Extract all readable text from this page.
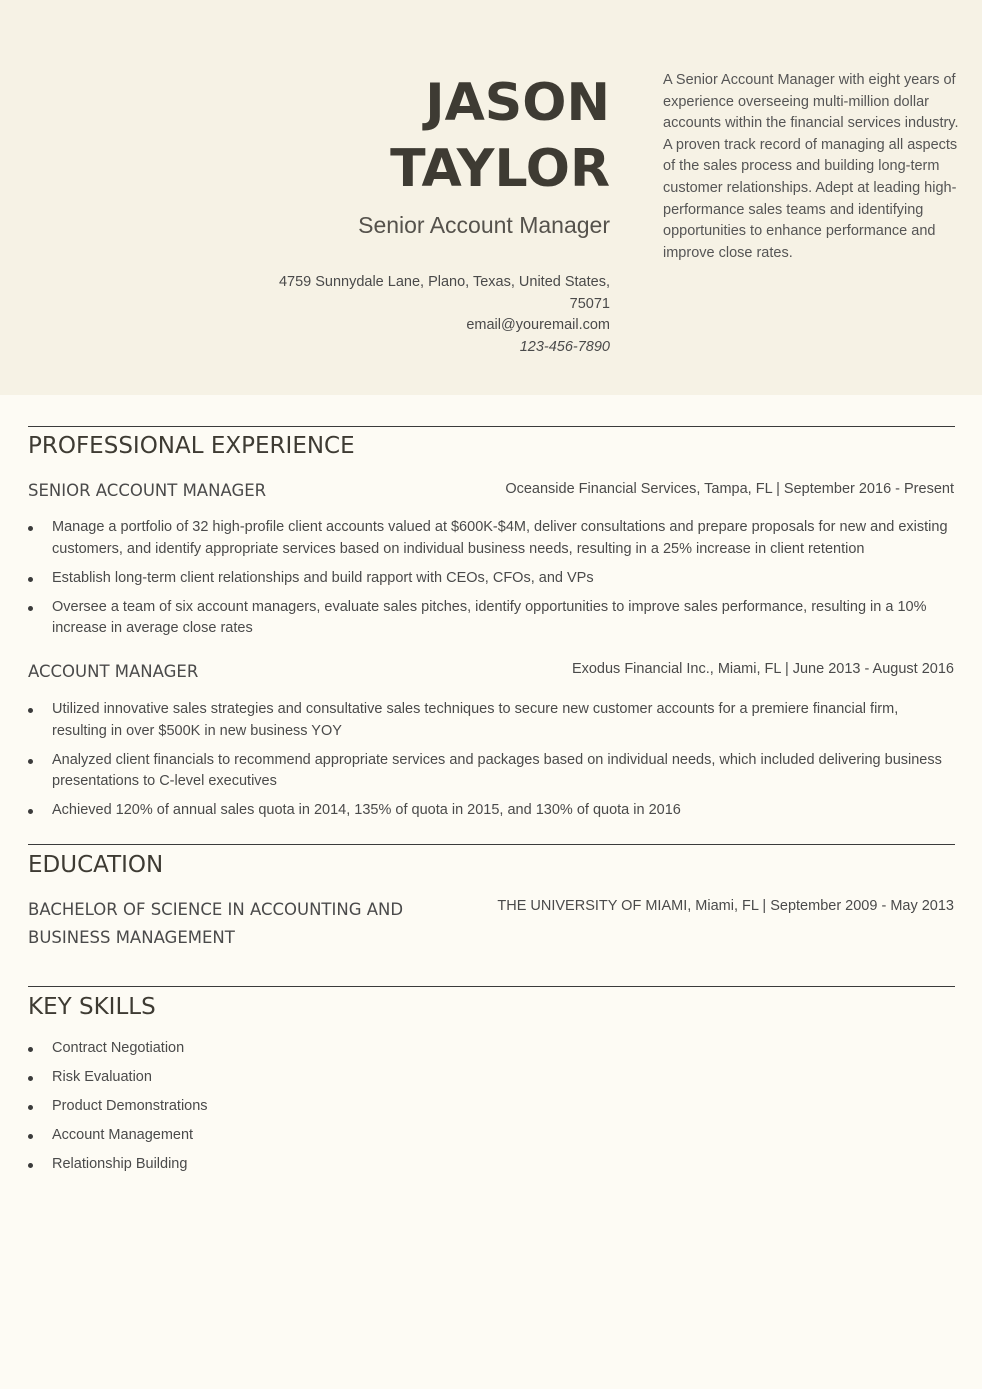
JASON
TAYLOR
Senior Account Manager
4759 Sunnydale Lane, Plano, Texas, United States,
75071
email@youremail.com
123-456-7890
A Senior Account Manager with eight years of experience overseeing multi-million dollar accounts within the financial services industry. A proven track record of managing all aspects of the sales process and building long-term customer relationships. Adept at leading high-performance sales teams and identifying opportunities to enhance performance and improve close rates.
PROFESSIONAL EXPERIENCE
SENIOR ACCOUNT MANAGER	Oceanside Financial Services, Tampa, FL | September 2016 - Present
Manage a portfolio of 32 high-profile client accounts valued at $600K-$4M, deliver consultations and prepare proposals for new and existing customers, and identify appropriate services based on individual business needs, resulting in a 25% increase in client retention
Establish long-term client relationships and build rapport with CEOs, CFOs, and VPs
Oversee a team of six account managers, evaluate sales pitches, identify opportunities to improve sales performance, resulting in a 10% increase in average close rates
ACCOUNT MANAGER	Exodus Financial Inc., Miami, FL | June 2013 - August 2016
Utilized innovative sales strategies and consultative sales techniques to secure new customer accounts for a premiere financial firm, resulting in over $500K in new business YOY
Analyzed client financials to recommend appropriate services and packages based on individual needs, which included delivering business presentations to C-level executives
Achieved 120% of annual sales quota in 2014, 135% of quota in 2015, and 130% of quota in 2016
EDUCATION
BACHELOR OF SCIENCE IN ACCOUNTING AND
BUSINESS MANAGEMENT
THE UNIVERSITY OF MIAMI, Miami, FL | September 2009 - May 2013
KEY SKILLS
Contract Negotiation
Risk Evaluation
Product Demonstrations
Account Management
Relationship Building
